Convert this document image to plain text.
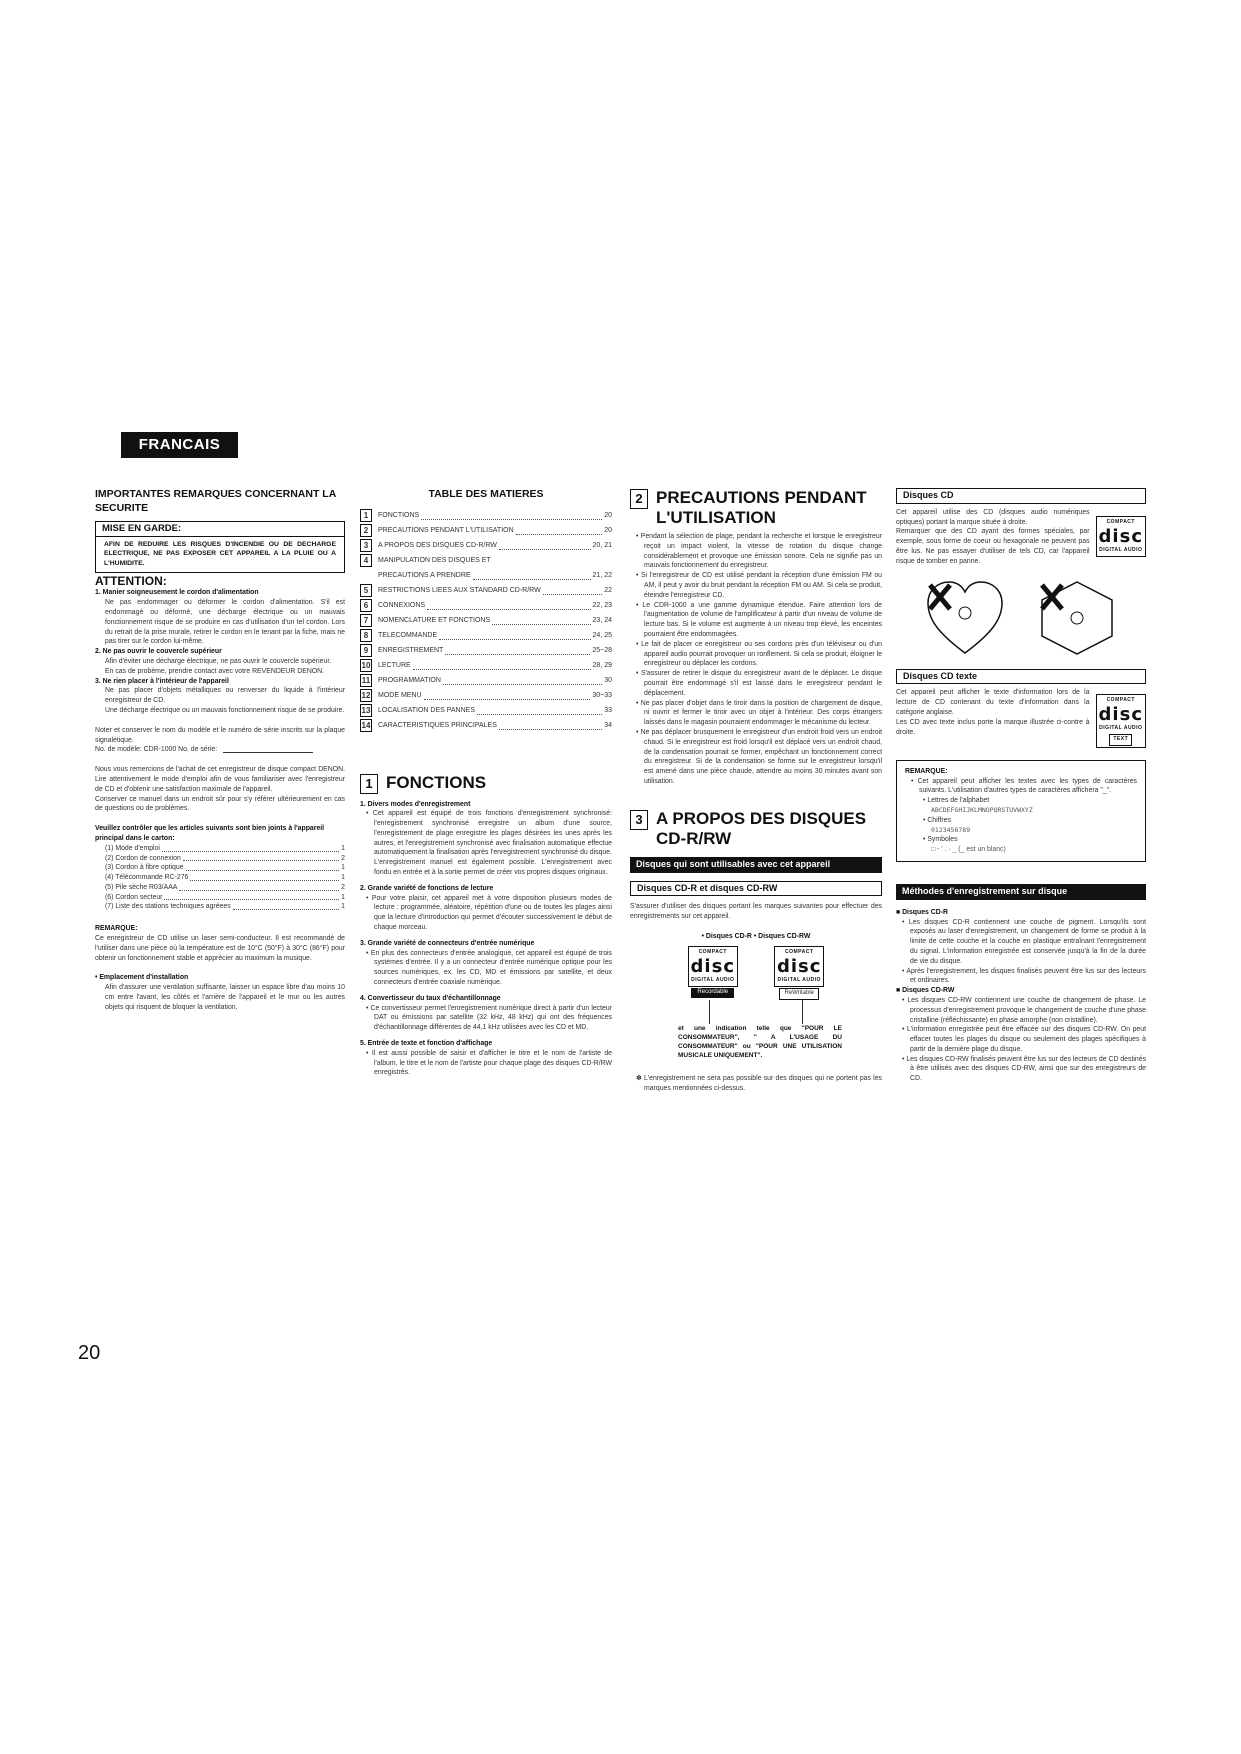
FRANCAIS
IMPORTANTES REMARQUES CONCERNANT LA SECURITE
MISE EN GARDE:
AFIN DE REDUIRE LES RISQUES D'INCENDIE OU DE DECHARGE ELECTRIQUE, NE PAS EXPOSER CET APPAREIL A LA PLUIE OU A L'HUMIDITE.
ATTENTION:
1. Manier soigneusement le cordon d'alimentation

Ne pas endommager ou déformer le cordon d'alimentation. S'il est endommagé ou déformé, une décharge électrique ou un mauvais fonctionnement risque de se produire en cas d'utilisation d'un tel cordon. Lors du retrait de la prise murale, retirer le cordon en le tenant par la fiche, mais ne pas tirer sur le cordon lui-même.

2. Ne pas ouvrir le couvercle supérieur

Afin d'éviter une décharge électrique, ne pas ouvrir le couvercle supérieur.

En cas de probème, prendre contact avec votre REVENDEUR DENON.

3. Ne rien placer à l'intérieur de l'appareil

Ne pas placer d'objets métalliques ou renverser du liquide à l'intérieur enregistreur de CD.

Une décharge électrique ou un mauvais fonctionnement risque de se produire.

Noter et conserver le nom du modèle et le numéro de série inscrits sur la plaque signalétique.

No. de modèle: CDR-1000 No. de série:

Nous vous remercions de l'achat de cet enregistreur de disque compact DENON. Lire attentivement le mode d'emploi afin de vous familiariser avec l'enregistreur de CD et d'obtenir une satisfaction maximale de l'appareil.

Conserver ce manuel dans un endroit sûr pour s'y référer ultérieurement en cas de questions ou de problèmes.

Veuillez contrôler que les articles suivants sont bien joints à l'appareil principal dans le carton:
(1) Mode d'emploi	1
(2) Cordon de connexion	2
(3) Cordon à fibre optique	1
(4) Télécommande RC-276	1
(5) Pile sèche R03/AAA	2
(6) Cordon secteur	1
(7) Liste des stations techniques agréees	1
REMARQUE:

Ce enregistreur de CD utilise un laser semi-conducteur. Il est recommandé de l'utiliser dans une pièce où la température est de 10°C (50°F) à 30°C (86°F) pour obtenir un fonctionnement stable et apprécier au maximum la musique.

• Emplacement d'installation

Afin d'assurer une ventilation suffisante, laisser un espace libre d'au moins 10 cm entre l'avant, les côtés et l'arrière de l'appareil et le mur ou les autres objets qui risquent de bloquer la ventilation.

TABLE DES MATIERES
1	FONCTIONS	20
2	PRECAUTIONS PENDANT L'UTILISATION	20
3	A PROPOS DES DISQUES CD-R/RW	20, 21
4	MANIPULATION DES DISQUES ET
PRECAUTIONS A PRENDRE	21, 22
5	RESTRICTIONS LIEES AUX STANDARD CD-R/RW	22
6	CONNEXIONS	22, 23
7	NOMENCLATURE ET FONCTIONS	23, 24
8	TELECOMMANDE	24, 25
9	ENREGISTREMENT	25~28
10 LECTURE	28, 29
11 PROGRAMMATION	30
12 MODE MENU	30~33
13 LOCALISATION DES PANNES	33
14 CARACTERISTIQUES PRINCIPALES	34
1 FONCTIONS
1. Divers modes d'enregistrement

• Cet appareil est équipé de trois fonctions d'enregistrement synchronisé: l'enregistrement synchronisé enregistre un album d'une source, l'enregistrement de plage enregistre les plages désirées les unes après les autres, et l'enregistrement synchronisé avec finalisation automatique effectue automatiquement la finalisation après l'enregistrement synchronisé du disque. L'enregistrement manuel est également possible. L'enregistrement avec fondu en entrée et à la sortie permet de créer vos propres disques originaux.

2. Grande variété de fonctions de lecture

• Pour votre plaisir, cet appareil met à votre disposition plusieurs modes de lecture : programmée, aléatoire, répétition d'une ou de toutes les plages ainsi que la lecture d'introduction qui permet d'écouter successivement le début de chaque morceau.

3. Grande variété de connecteurs d'entrée numérique

• En plus des connecteurs d'entrée analogique, cet appareil est équipé de trois systèmes d'entrée. Il y a un connecteur d'entrée numérique optique pour les sources numériques, ex. les CD, MD et émissions par satellite, et deux connecteurs d'entrée coaxiale numérique.

4. Convertisseur du taux d'échantillonnage

• Ce convertisseur permet l'enregistrement numérique direct à partir d'un lecteur DAT ou émissions par satellite (32 kHz, 48 kHz) qui ont des fréquences d'échantillonnage différentes de 44,1 kHz utilisées avec les CD et MD.

5. Entrée de texte et fonction d'affichage

• Il est aussi possible de saisir et d'afficher le titre et le nom de l'artiste de l'album, le titre et le nom de l'artiste pour chaque plage des disques CD-R/RW enregistrés.

2 PRECAUTIONS PENDANT L'UTILISATION

• Pendant la sélection de plage, pendant la recherche et lorsque le enregistreur reçoit un impact violent, la vitesse de rotation du disque change considérablement et provoque une émission sonore. Cela ne signifie pas un mauvais fonctionnement du enregistreur.

• Si l'enregistreur de CD est utilisé pendant la réception d'une émission FM ou AM, il peut y avoir du bruit pendant la réception FM ou AM. Si cela se produit, éteindre l'enregistreur CD.

• Le CDR-1000 a une gamme dynamique étendue. Faire attention lors de l'augmentation de volume de l'amplificateur à partir d'un niveau de volume de lecture bas. Si le volume est augmente à un niveau trop élevé, les enceintes pourraient être endommagées.

• Le fait de placer ce enregistreur ou ses cordons près d'un téléviseur ou d'un appareil audio pourrait provoquer un ronflement. Si cela se produit, éloigner le enregistreur ou déplacer les cordons.

• S'assurer de retirer le disque du enregistreur avant de le déplacer. Le disque pourrait être endommagé s'il est laissé dans le enregistreur pendant le déplacement.

• Ne pas placer d'objet dans le tiroir dans la position de chargement de disque, ni ouvrir et fermer le tiroir avec un objet à l'intérieur. Des corps étrangers laissés dans le magasin pourraient endommager le mécanisme du lecteur.

• Ne pas déplacer brusquement le enregistreur d'un endroit froid vers un endroit chaud. Si le enregistreur est froid lorsqu'il est déplacé vers un endroit chaud, de la condensation pourrait se former, empêchant un fonctionnement correct du enregistreur. Si de la condensation se forme sur le enregistreur lorsqu'il est amené dans une pièce chaude, attendre au moins 30 minutes avant son utilisation.

3 A PROPOS DES DISQUES CD-R/RW
Disques qui sont utilisables avec cet appareil
Disques CD-R et disques CD-RW

S'assurer d'utiliser des disques portant les marques suivantes pour effectuer des enregistrements sur cet appareil.

• Disques CD-R • Disques CD-RW
COMPACT
disc
DIGITAL AUDIO
Recordable
COMPACT
disc
DIGITAL AUDIO
ReWritable

et une indication telle que "POUR LE CONSOMMATEUR", " A L'USAGE DU CONSOMMATEUR" ou "POUR UNE UTILISATION MUSICALE UNIQUEMENT".

✽ L'enregistrement ne sera pas possible sur des disques qui ne portent pas les marques mentionnées ci-dessus.

Disques CD

Cet appareil utilise des CD (disques audio numériques optiques) portant la marque située à droite.

Remarquer que des CD ayant des formes spéciales, par exemple, sous forme de coeur ou hexagonale ne peuvent pas être lus. Ne pas essayer d'utiliser de tels CD, car l'appareil risque de tomber en panne.

COMPACT
disc
DIGITAL AUDIO
Disques CD texte

Cet appareil peut afficher le texte d'information lors de la lecture de CD contenant du texte d'information dans la catégorie anglaise.

Les CD avec texte inclus porte la marque illustrée ci-contre à droite.

COMPACT
disc
DIGITAL AUDIO
TEXT
REMARQUE:

• Cet appareil peut afficher les textes avec les types de caractères suivants. L'utilisation d'autres types de caractères affichera "_".

• Lettres de l'alphabet
ABCDEFGHIJKLMNOPQRSTUVWXYZ
• Chiffres
0123456789
• Symboles
□ - ' . · _ (_ est un blanc)
Méthodes d'enregistrement sur disque
■ Disques CD-R

• Les disques CD-R contiennent une couche de pigment. Lorsqu'ils sont exposés au laser d'enregistrement, un changement de forme se produit à la limite de cette couche et la couche en plastique entraînant l'enregistrement du signal. L'information enregistrée est conservée jusqu'à la fin de la durée de vie du disque.

• Après l'enregistrement, les disques finalisés peuvent être lus sur des lecteurs et ordinaires.

■ Disques CD-RW

• Les disques CD-RW contiennent une couche de changement de phase. Le processus d'enregistrement provoque le changement de couche d'une phase cristalline (réfléchissante) en phase amorphe (non cristalline).

• L'information enregistrée peut être effacée sur des disques CD-RW. On peut effacer toutes les plages du disque ou seulement des plages spécifiques à partir de la dernière plage du disque.

• Les disques CD-RW finalisés peuvent être lus sur des lecteurs de CD destinés à être utilisés avec des disques CD-RW, ainsi que sur des enregistreurs de CD.

20
